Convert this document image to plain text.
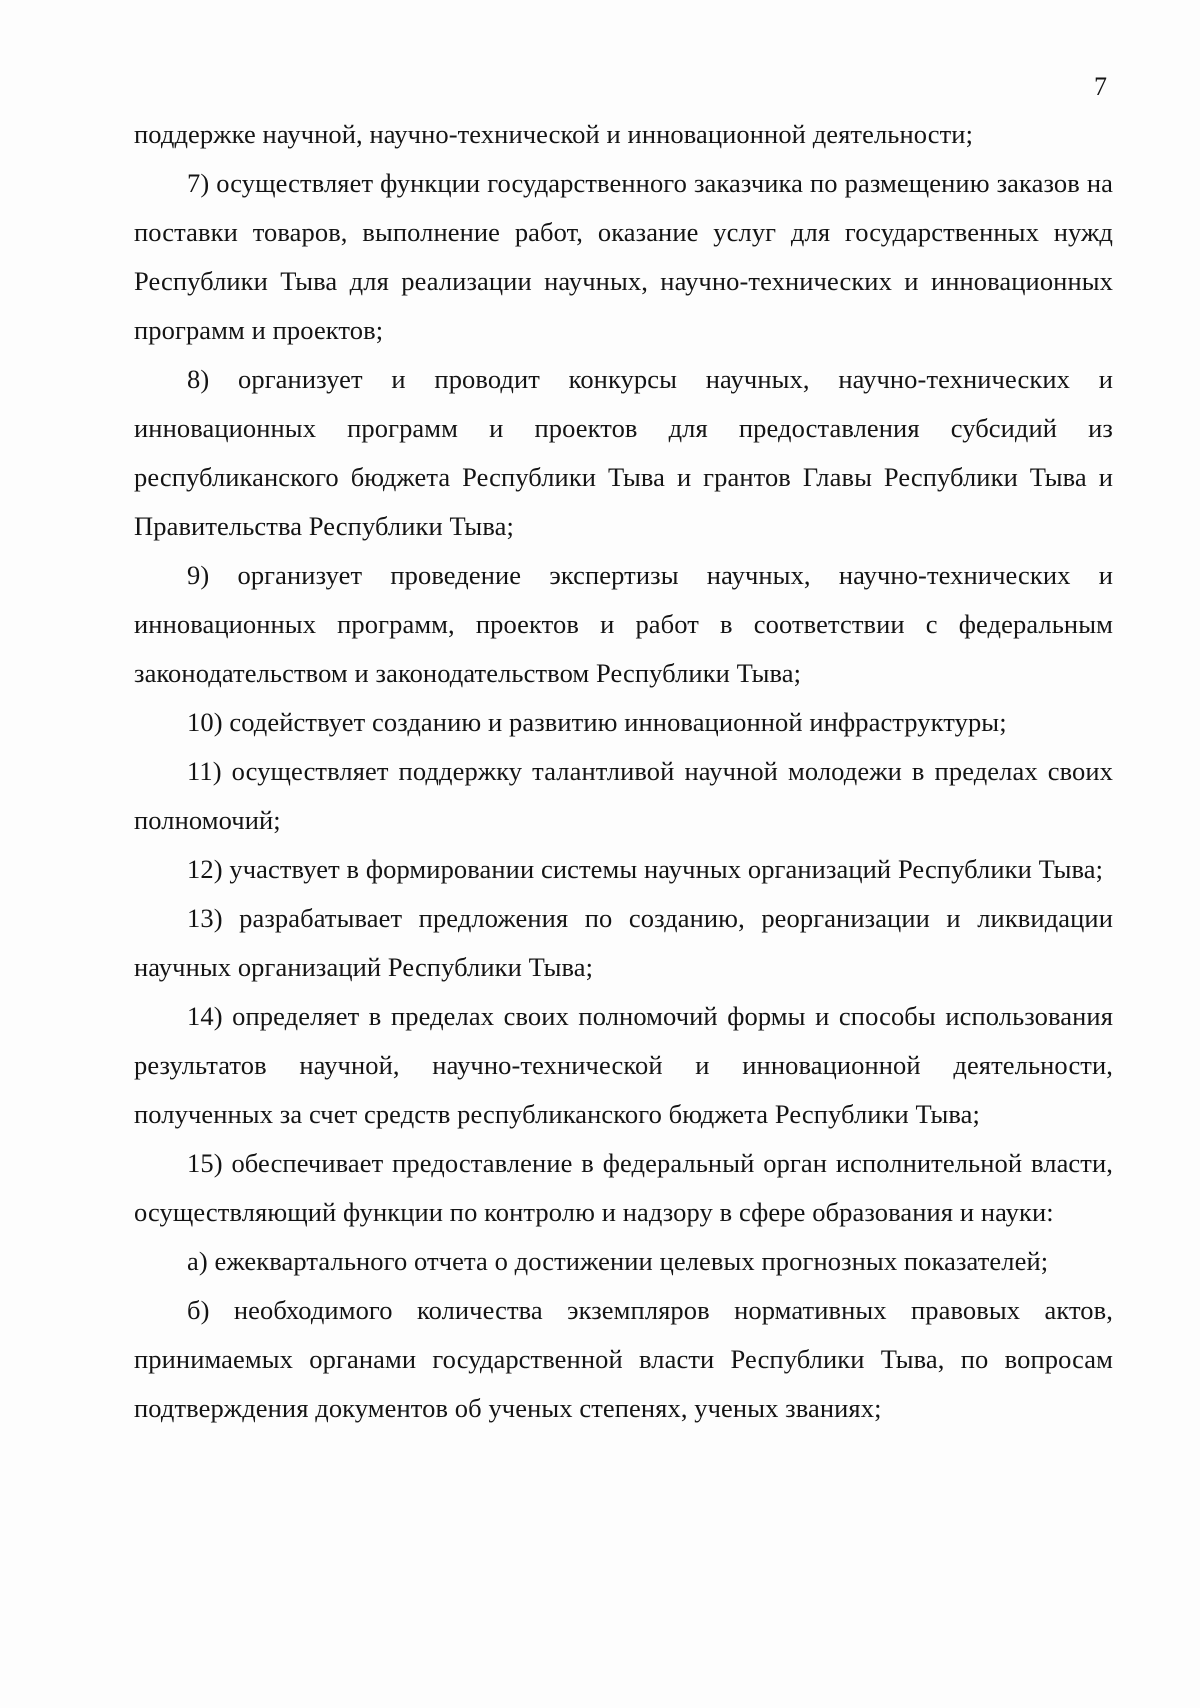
7

поддержке научной, научно-технической и инновационной деятельности;

7) осуществляет функции государственного заказчика по размещению заказов на поставки товаров, выполнение работ, оказание услуг для государственных нужд Республики Тыва для реализации научных, научно-технических и инновационных программ и проектов;

8) организует и проводит конкурсы научных, научно-технических и инновационных программ и проектов для предоставления субсидий из республиканского бюджета Республики Тыва и грантов Главы Республики Тыва и Правительства Республики Тыва;

9) организует проведение экспертизы научных, научно-технических и инновационных программ, проектов и работ в соответствии с федеральным законодательством и законодательством Республики Тыва;

10) содействует созданию и развитию инновационной инфраструктуры;

11) осуществляет поддержку талантливой научной молодежи в пределах своих полномочий;

12) участвует в формировании системы научных организаций Республики Тыва;

13) разрабатывает предложения по созданию, реорганизации и ликвидации научных организаций Республики Тыва;

14) определяет в пределах своих полномочий формы и способы использования результатов научной, научно-технической и инновационной деятельности, полученных за счет средств республиканского бюджета Республики Тыва;

15) обеспечивает предоставление в федеральный орган исполнительной власти, осуществляющий функции по контролю и надзору в сфере образования и науки:

а) ежеквартального отчета о достижении целевых прогнозных показателей;

б) необходимого количества экземпляров нормативных правовых актов, принимаемых органами государственной власти Республики Тыва, по вопросам подтверждения документов об ученых степенях, ученых званиях;
